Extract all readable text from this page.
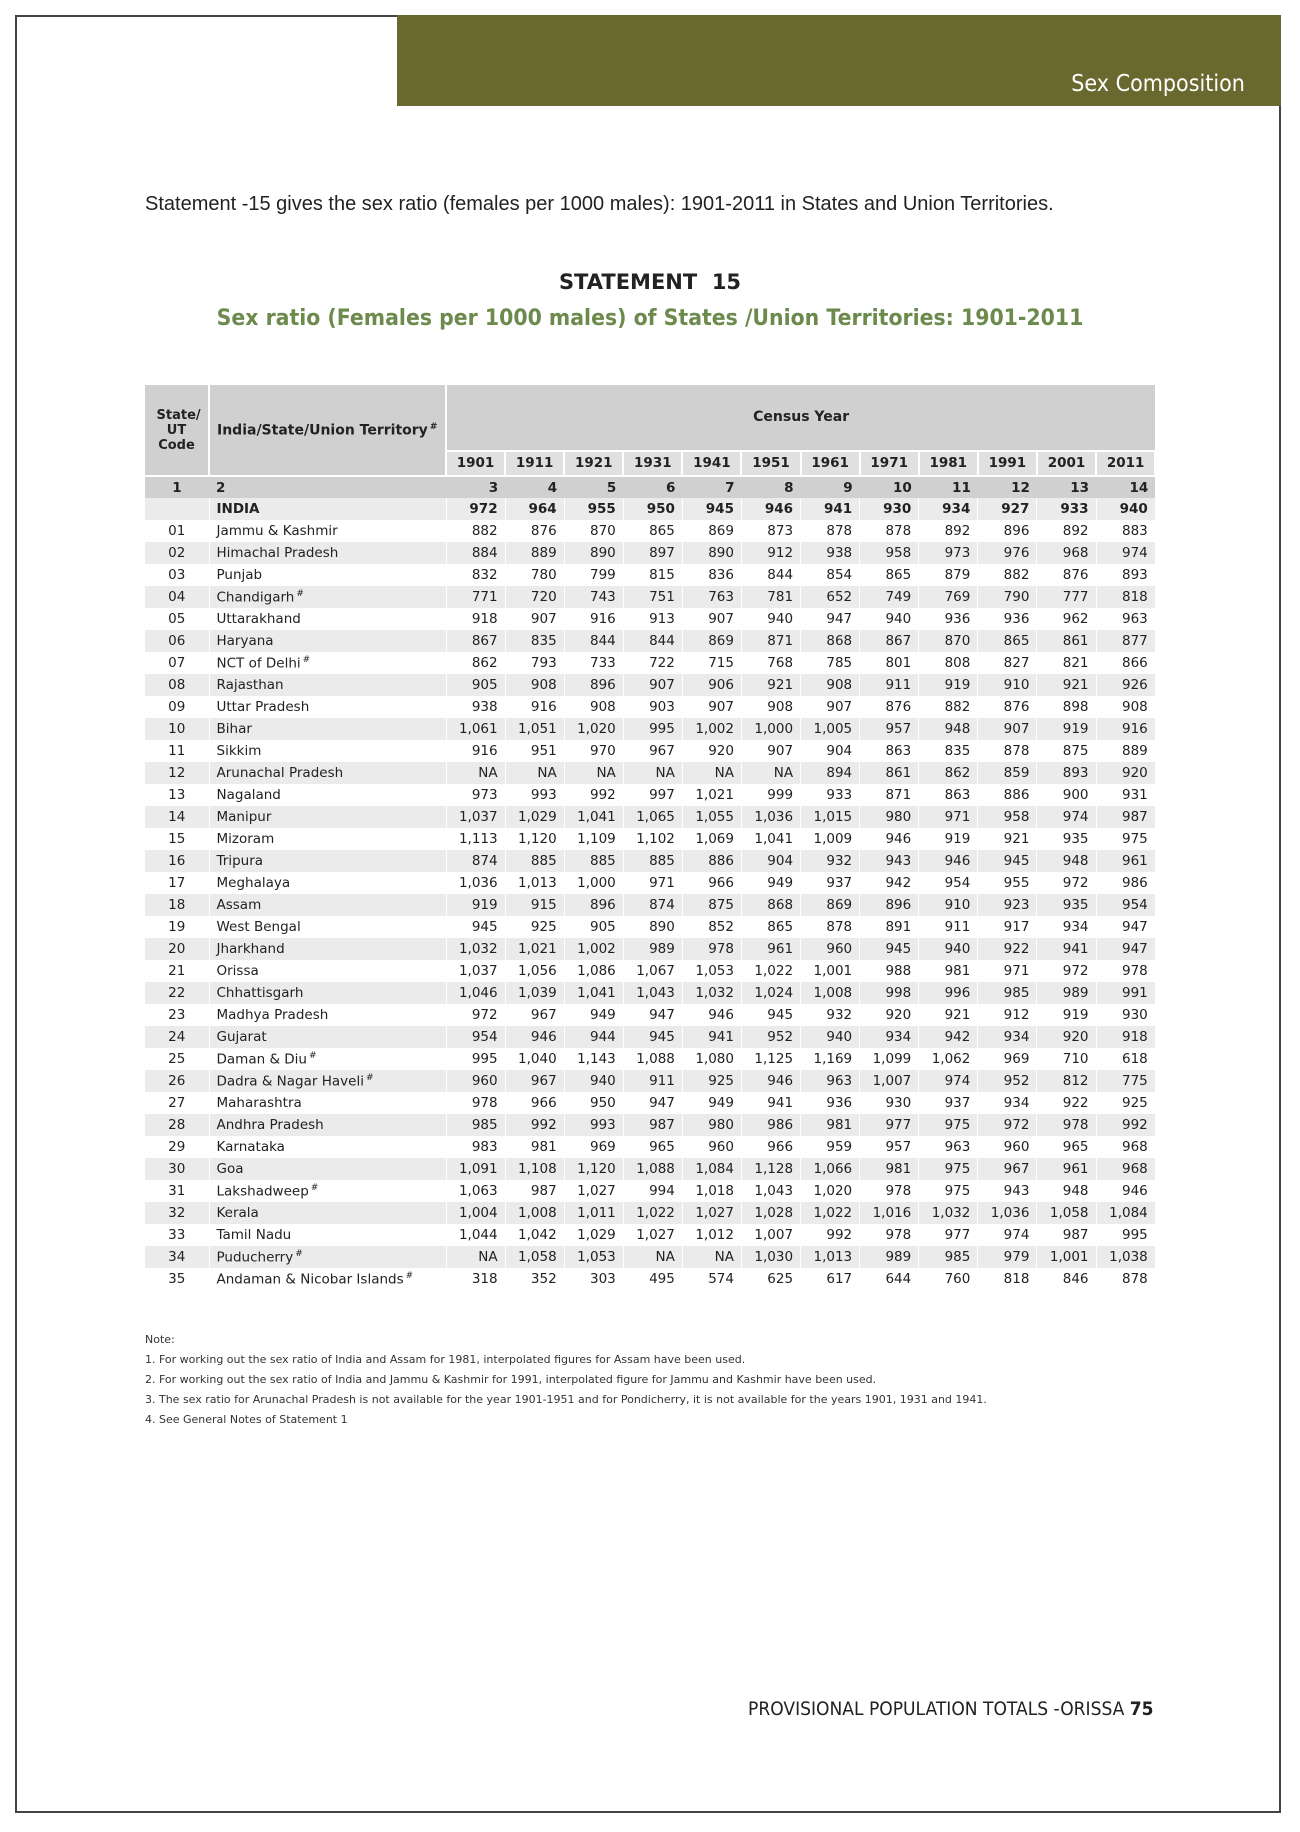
Sex Composition
Statement -15 gives the sex ratio (females per 1000 males): 1901-2011 in States and Union Territories.
STATEMENT  15
Sex ratio (Females per 1000 males) of States /Union Territories: 1901-2011
State/ UT Code	India/State/Union Territory #	Census Year											
		1901	1911	1921	1931	1941	1951	1961	1971	1981	1991	2001	2011
1	2	3	4	5	6	7	8	9	10	11	12	13	14
	INDIA	972	964	955	950	945	946	941	930	934	927	933	940
01	Jammu & Kashmir	882	876	870	865	869	873	878	878	892	896	892	883
02	Himachal Pradesh	884	889	890	897	890	912	938	958	973	976	968	974
03	Punjab	832	780	799	815	836	844	854	865	879	882	876	893
04	Chandigarh #	771	720	743	751	763	781	652	749	769	790	777	818
05	Uttarakhand	918	907	916	913	907	940	947	940	936	936	962	963
06	Haryana	867	835	844	844	869	871	868	867	870	865	861	877
07	NCT of Delhi #	862	793	733	722	715	768	785	801	808	827	821	866
08	Rajasthan	905	908	896	907	906	921	908	911	919	910	921	926
09	Uttar Pradesh	938	916	908	903	907	908	907	876	882	876	898	908
10	Bihar	1,061	1,051	1,020	995	1,002	1,000	1,005	957	948	907	919	916
11	Sikkim	916	951	970	967	920	907	904	863	835	878	875	889
12	Arunachal Pradesh	NA	NA	NA	NA	NA	NA	894	861	862	859	893	920
13	Nagaland	973	993	992	997	1,021	999	933	871	863	886	900	931
14	Manipur	1,037	1,029	1,041	1,065	1,055	1,036	1,015	980	971	958	974	987
15	Mizoram	1,113	1,120	1,109	1,102	1,069	1,041	1,009	946	919	921	935	975
16	Tripura	874	885	885	885	886	904	932	943	946	945	948	961
17	Meghalaya	1,036	1,013	1,000	971	966	949	937	942	954	955	972	986
18	Assam	919	915	896	874	875	868	869	896	910	923	935	954
19	West Bengal	945	925	905	890	852	865	878	891	911	917	934	947
20	Jharkhand	1,032	1,021	1,002	989	978	961	960	945	940	922	941	947
21	Orissa	1,037	1,056	1,086	1,067	1,053	1,022	1,001	988	981	971	972	978
22	Chhattisgarh	1,046	1,039	1,041	1,043	1,032	1,024	1,008	998	996	985	989	991
23	Madhya Pradesh	972	967	949	947	946	945	932	920	921	912	919	930
24	Gujarat	954	946	944	945	941	952	940	934	942	934	920	918
25	Daman & Diu #	995	1,040	1,143	1,088	1,080	1,125	1,169	1,099	1,062	969	710	618
26	Dadra & Nagar Haveli #	960	967	940	911	925	946	963	1,007	974	952	812	775
27	Maharashtra	978	966	950	947	949	941	936	930	937	934	922	925
28	Andhra Pradesh	985	992	993	987	980	986	981	977	975	972	978	992
29	Karnataka	983	981	969	965	960	966	959	957	963	960	965	968
30	Goa	1,091	1,108	1,120	1,088	1,084	1,128	1,066	981	975	967	961	968
31	Lakshadweep #	1,063	987	1,027	994	1,018	1,043	1,020	978	975	943	948	946
32	Kerala	1,004	1,008	1,011	1,022	1,027	1,028	1,022	1,016	1,032	1,036	1,058	1,084
33	Tamil Nadu	1,044	1,042	1,029	1,027	1,012	1,007	992	978	977	974	987	995
34	Puducherry #	NA	1,058	1,053	NA	NA	1,030	1,013	989	985	979	1,001	1,038
35	Andaman & Nicobar Islands #	318	352	303	495	574	625	617	644	760	818	846	878
Note:
1. For working out the sex ratio of India and Assam for 1981, interpolated figures for Assam have been used.
2. For working out the sex ratio of India and Jammu & Kashmir for 1991, interpolated figure for Jammu and Kashmir have been used.
3. The sex ratio for Arunachal Pradesh is not available for the year 1901-1951 and for Pondicherry, it is not available for the years 1901, 1931 and 1941.
4. See General Notes of Statement 1
PROVISIONAL POPULATION TOTALS -ORISSA 75
